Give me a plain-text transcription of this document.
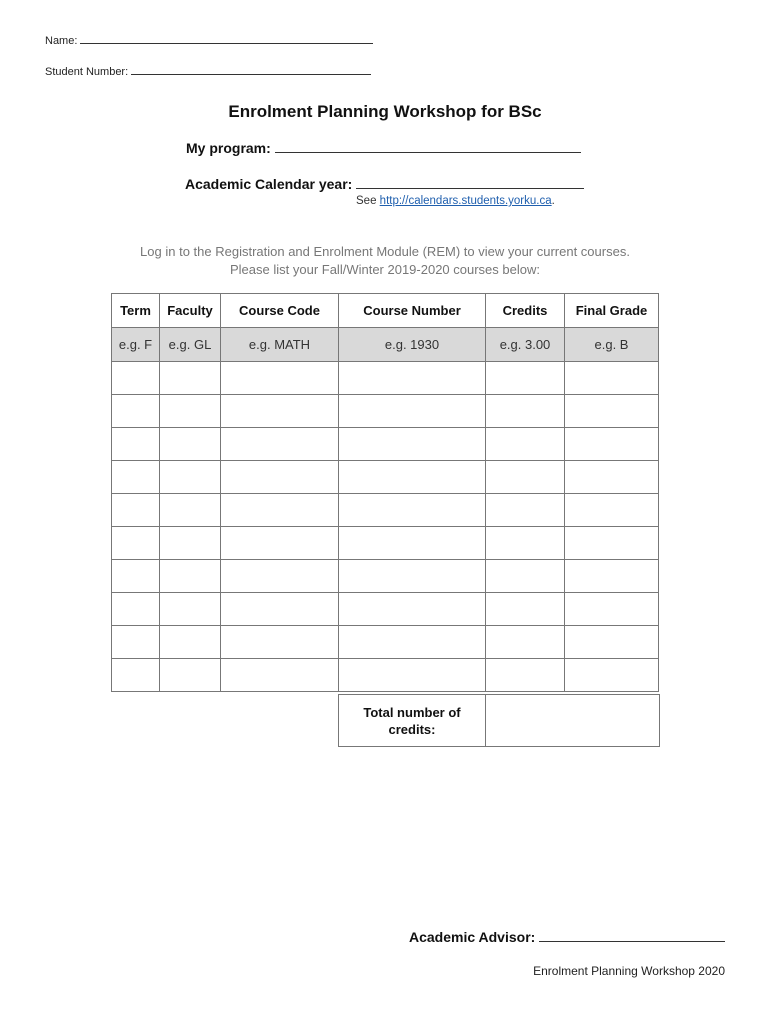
Name:
Student Number:
Enrolment Planning Workshop for BSc
My program:
Academic Calendar year:
See http://calendars.students.yorku.ca.
Log in to the Registration and Enrolment Module (REM) to view your current courses.
Please list your Fall/Winter 2019-2020 courses below:
Term	Faculty	Course Code	Course Number	Credits	Final Grade
e.g. F	e.g. GL	e.g. MATH	e.g. 1930	e.g. 3.00	e.g. B

Total number of credits:	
Academic Advisor:
Enrolment Planning Workshop 2020
